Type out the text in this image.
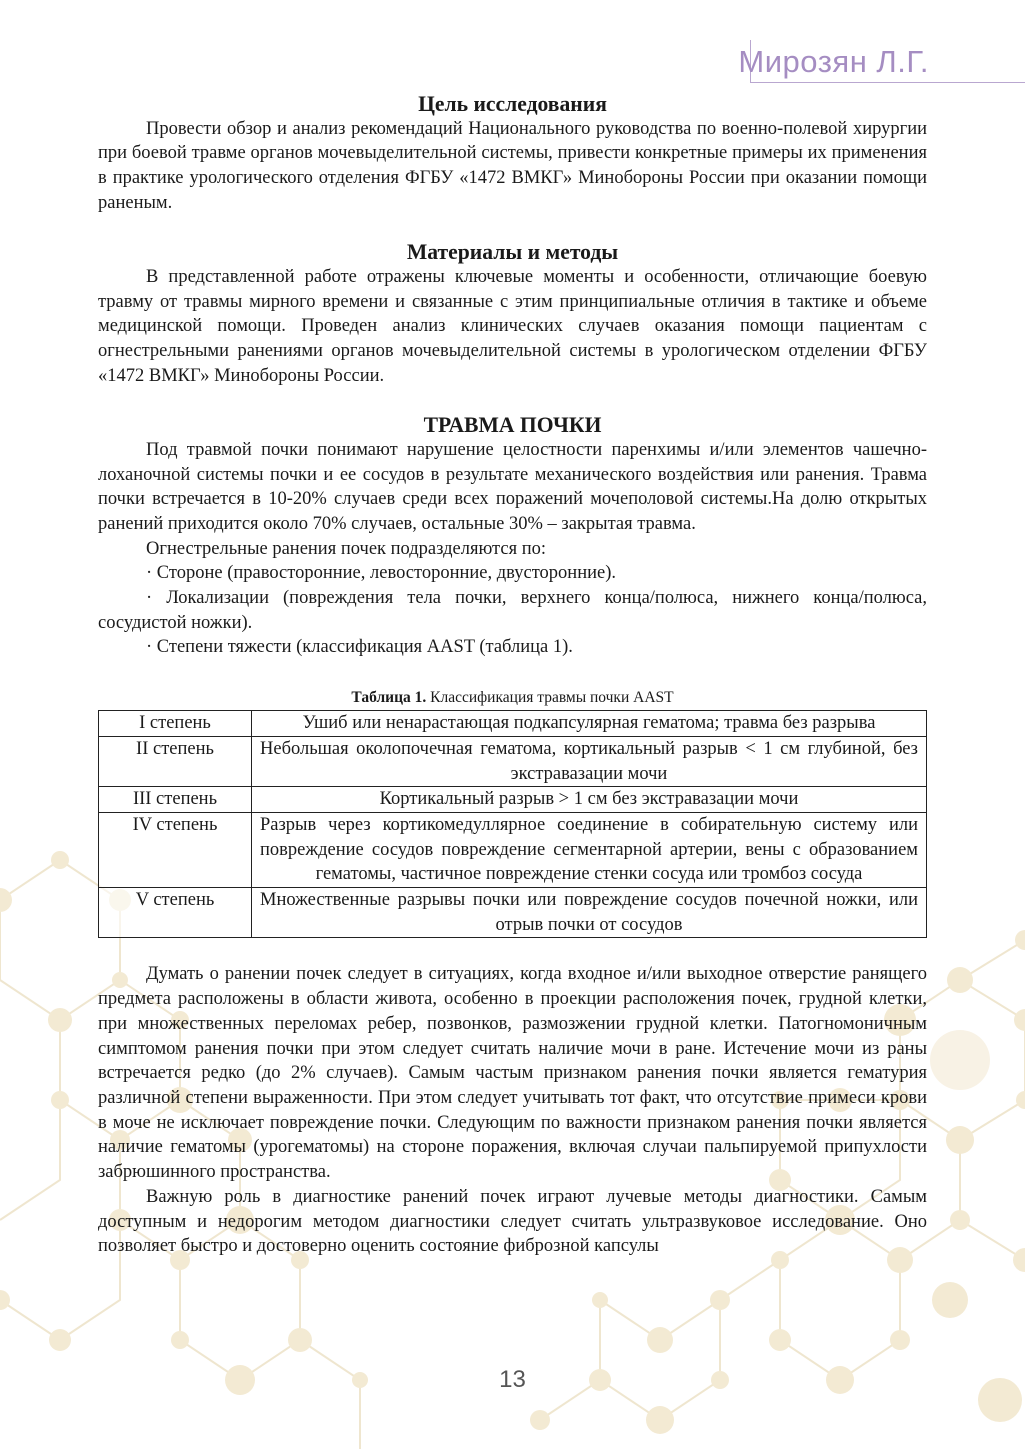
Мирозян Л.Г.
Цель исследования

Провести обзор и анализ рекомендаций Национального руководства по военно-полевой хирургии при боевой травме органов мочевыделительной системы, привести конкретные примеры их применения в практике урологического отделения ФГБУ «1472 ВМКГ» Минобороны России при оказании помощи раненым.

Материалы и методы

В представленной работе отражены ключевые моменты и особенности, отличающие боевую травму от травмы мирного времени и связанные с этим принципиальные отличия в тактике и объеме медицинской помощи. Проведен анализ клинических случаев оказания помощи пациентам с огнестрельными ранениями органов мочевыделительной системы в урологическом отделении ФГБУ «1472 ВМКГ» Минобороны России.

ТРАВМА ПОЧКИ

Под травмой почки понимают нарушение целостности паренхимы и/или элементов чашечно-лоханочной системы почки и ее сосудов в результате механического воздействия или ранения. Травма почки встречается в 10-20% случаев среди всех поражений мочеполовой системы.На долю открытых ранений приходится около 70% случаев, остальные 30% – закрытая травма.

Огнестрельные ранения почек подразделяются по:

· Стороне (правосторонние, левосторонние, двусторонние).

· Локализации (повреждения тела почки, верхнего конца/полюса, нижнего конца/полюса, сосудистой ножки).

· Степени тяжести (классификация AAST (таблица 1).

Таблица 1. Классификация травмы почки AAST
I степень	Ушиб или ненарастающая подкапсулярная гематома; травма без разрыва
II степень	Небольшая околопочечная гематома, кортикальный разрыв < 1 см глубиной, без экстравазации мочи
III степень	Кортикальный разрыв > 1 см без экстравазации мочи
IV степень	Разрыв через кортикомедуллярное соединение в собирательную систему или повреждение сосудов повреждение сегментарной артерии, вены с образованием гематомы, частичное повреждение стенки сосуда или тромбоз сосуда
V степень	Множественные разрывы почки или повреждение сосудов почечной ножки, или отрыв почки от сосудов

Думать о ранении почек следует в ситуациях, когда входное и/или выходное отверстие ранящего предмета расположены в области живота, особенно в проекции расположения почек, грудной клетки, при множественных переломах ребер, позвонков, размозжении грудной клетки. Патогномоничным симптомом ранения почки при этом следует считать наличие мочи в ране. Истечение мочи из раны встречается редко (до 2% случаев). Самым частым признаком ранения почки является гематурия различной степени выраженности. При этом следует учитывать тот факт, что отсутствие примеси крови в моче не исключает повреждение почки. Следующим по важности признаком ранения почки является наличие гематомы (урогематомы) на стороне поражения, включая случаи пальпируемой припухлости забрюшинного пространства.

Важную роль в диагностике ранений почек играют лучевые методы диагностики. Самым доступным и недорогим методом диагностики следует считать ультразвуковое исследование. Оно позволяет быстро и достоверно оценить состояние фиброзной капсулы

13
